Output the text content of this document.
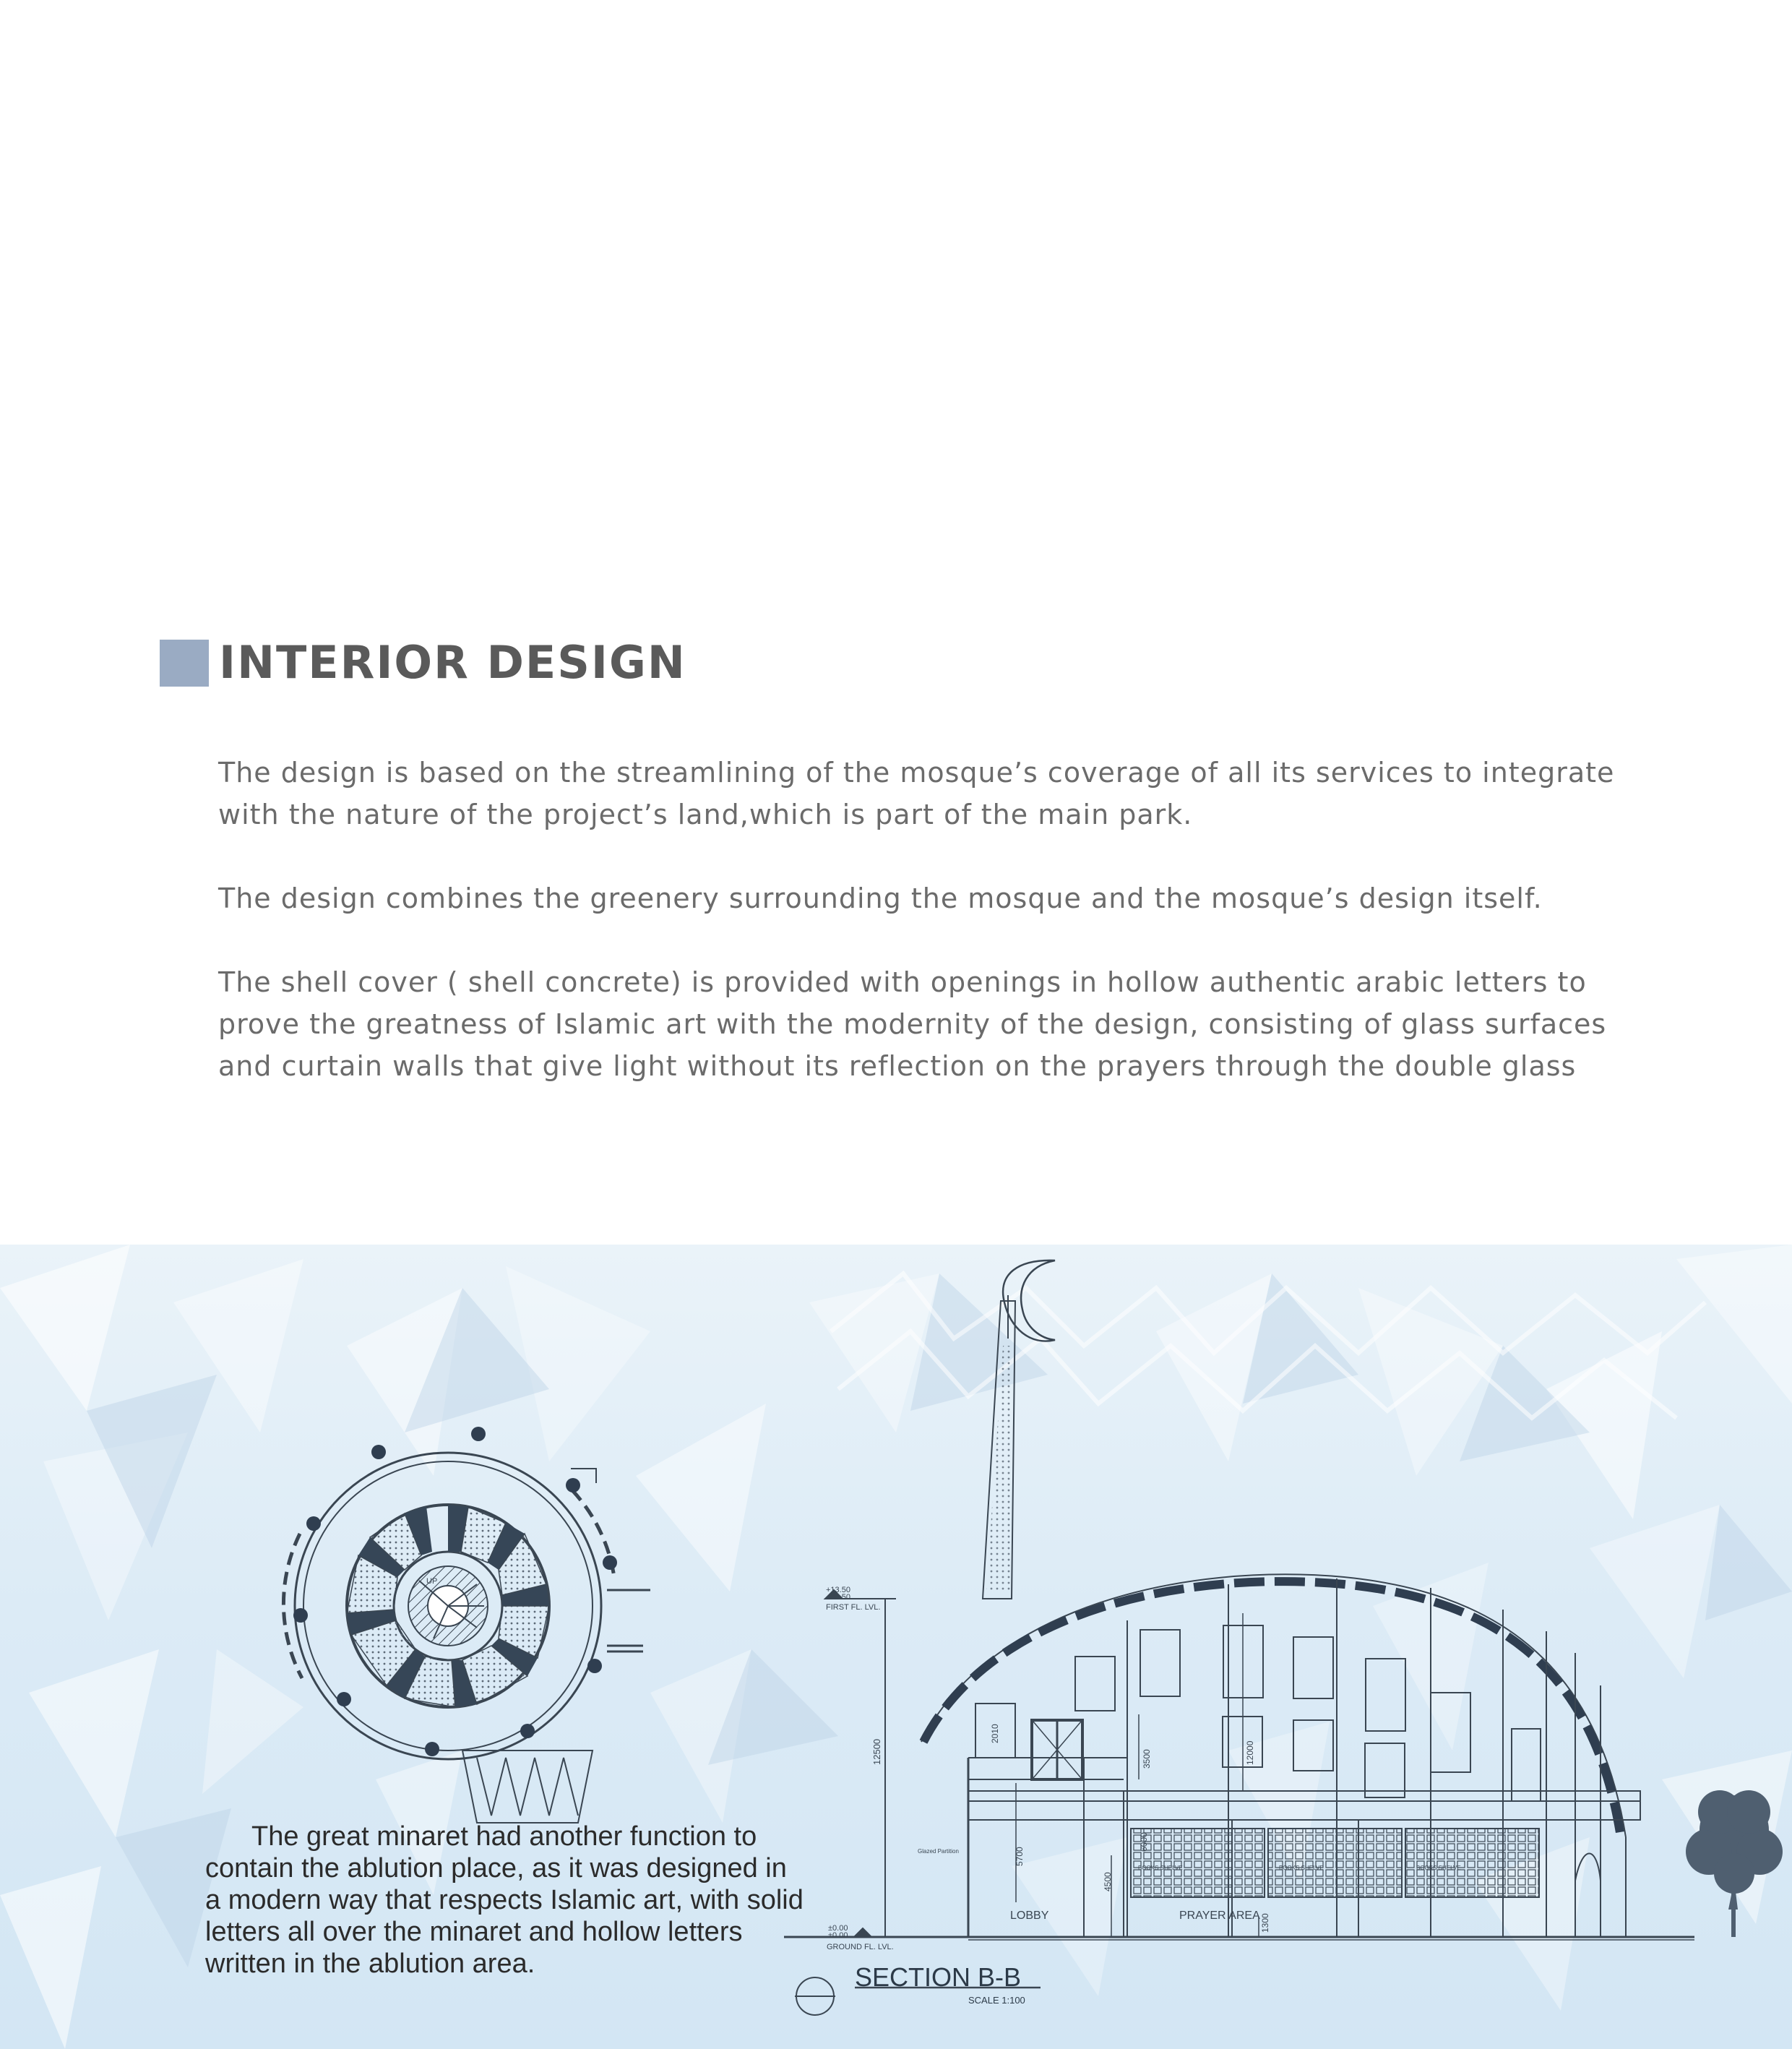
INTERIOR DESIGN

The design is based on the streamlining of the mosque’s coverage of all its services to integrate with the nature of the project’s land,which is part of the main park.

The design combines the greenery surrounding the mosque and the mosque’s design itself.

The shell cover ( shell concrete) is provided with openings in hollow authentic arabic letters to prove the greatness of Islamic art with the modernity of the design, consisting of glass surfaces and curtain walls that give light without its reflection on the prayers through the double glass

UP
+13.50
+13.50
FIRST FL. LVL.
±0.00
±0.00
GROUND FL. LVL.
LOBBY	PRAYER AREA
Glazed Partition
BOOKS SHELVE	BOOKS SHELVE	BOOKS SHELVE
12500
2010
3500	12000
5700
4500
6000
1300
SECTION B-B
SCALE 1:100

The great minaret had another function to contain the ablution place, as it was designed in a modern way that respects Islamic art, with solid letters all over the minaret and hollow letters written in the ablution area.
